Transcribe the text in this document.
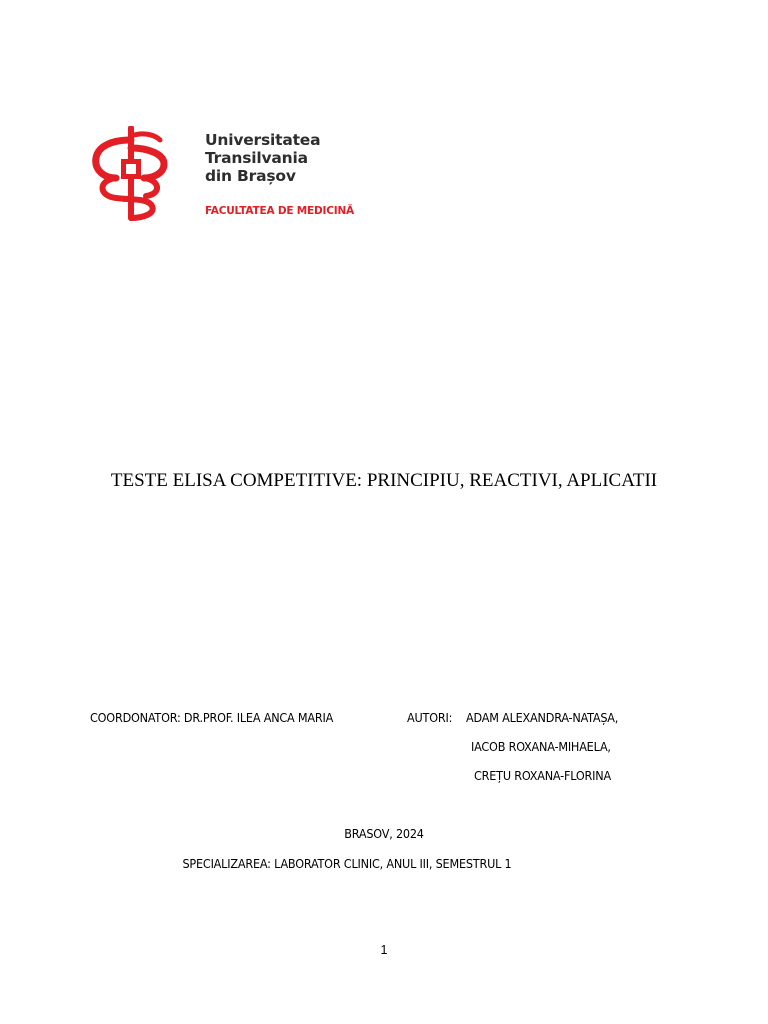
Universitatea
Transilvania
din Brașov
FACULTATEA DE MEDICINĂ
TESTE ELISA COMPETITIVE: PRINCIPIU, REACTIVI, APLICATII
COORDONATOR: DR.PROF. ILEA ANCA MARIA	AUTORI: ADAM ALEXANDRA-NATAȘA,
IACOB ROXANA-MIHAELA,
CREȚU ROXANA-FLORINA
BRASOV, 2024
SPECIALIZAREA: LABORATOR CLINIC, ANUL III, SEMESTRUL 1
1
